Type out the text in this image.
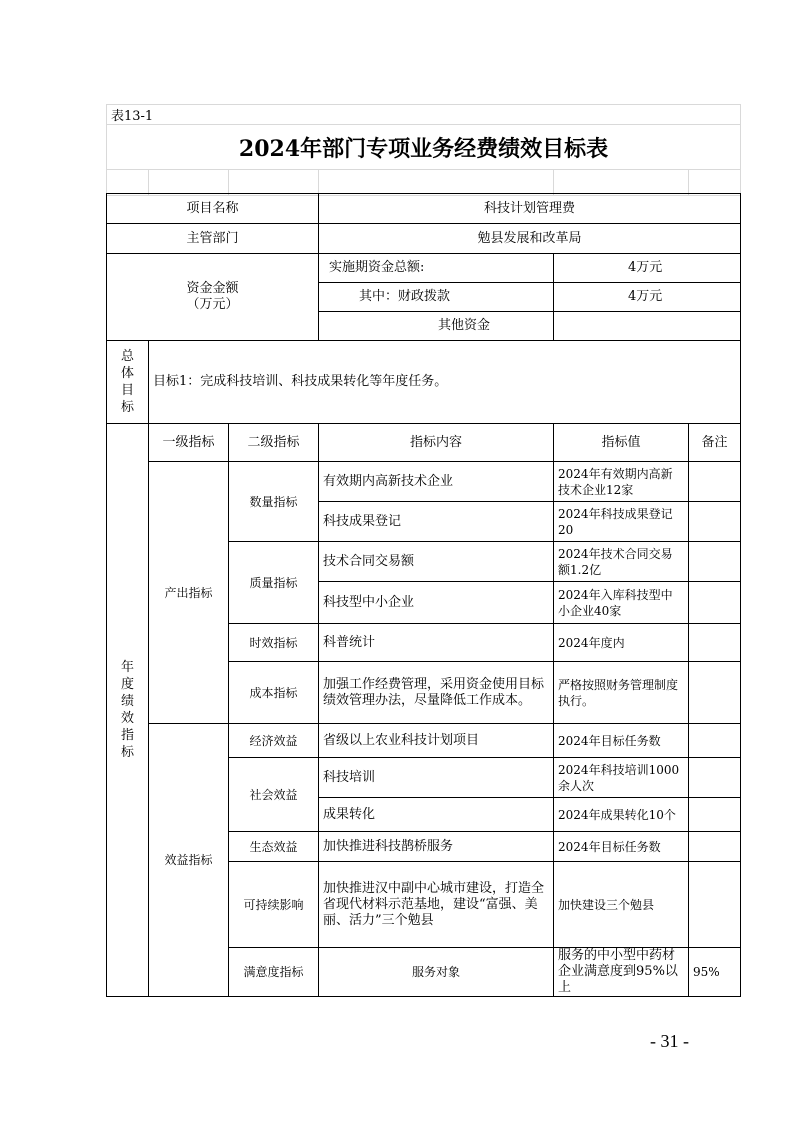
表13-1
2024年部门专项业务经费绩效目标表

项目名称			科技计划管理费			
主管部门			勉县发展和改革局			

资金金额
（万元）			实施期资金总额:	4万元		
			其中：财政拨款	4万元		
			其他资金			

总体目标	目标1：完成科技培训、科技成果转化等年度任务。					

年度绩效指标	一级指标	二级指标	指标内容	指标值	备注	
	产出指标	数量指标	有效期内高新技术企业	2024年有效期内高新技术企业12家		
			科技成果登记	2024年科技成果登记20		
		质量指标	技术合同交易额	2024年技术合同交易额1.2亿		
			科技型中小企业	2024年入库科技型中小企业40家		
		时效指标	科普统计	2024年度内		
		成本指标	加强工作经费管理，采用资金使用目标绩效管理办法，尽量降低工作成本。	严格按照财务管理制度执行。		
	效益指标	经济效益	省级以上农业科技计划项目	2024年目标任务数		
		社会效益	科技培训	2024年科技培训1000余人次		
			成果转化	2024年成果转化10个		
		生态效益	加快推进科技鹊桥服务	2024年目标任务数		
		可持续影响	加快推进汉中副中心城市建设，打造全省现代材料示范基地，建设“富强、美丽、活力”三个勉县	加快建设三个勉县		
		满意度指标	服务对象	服务的中小型中药材企业满意度到95%以上	95%	
- 31 -
